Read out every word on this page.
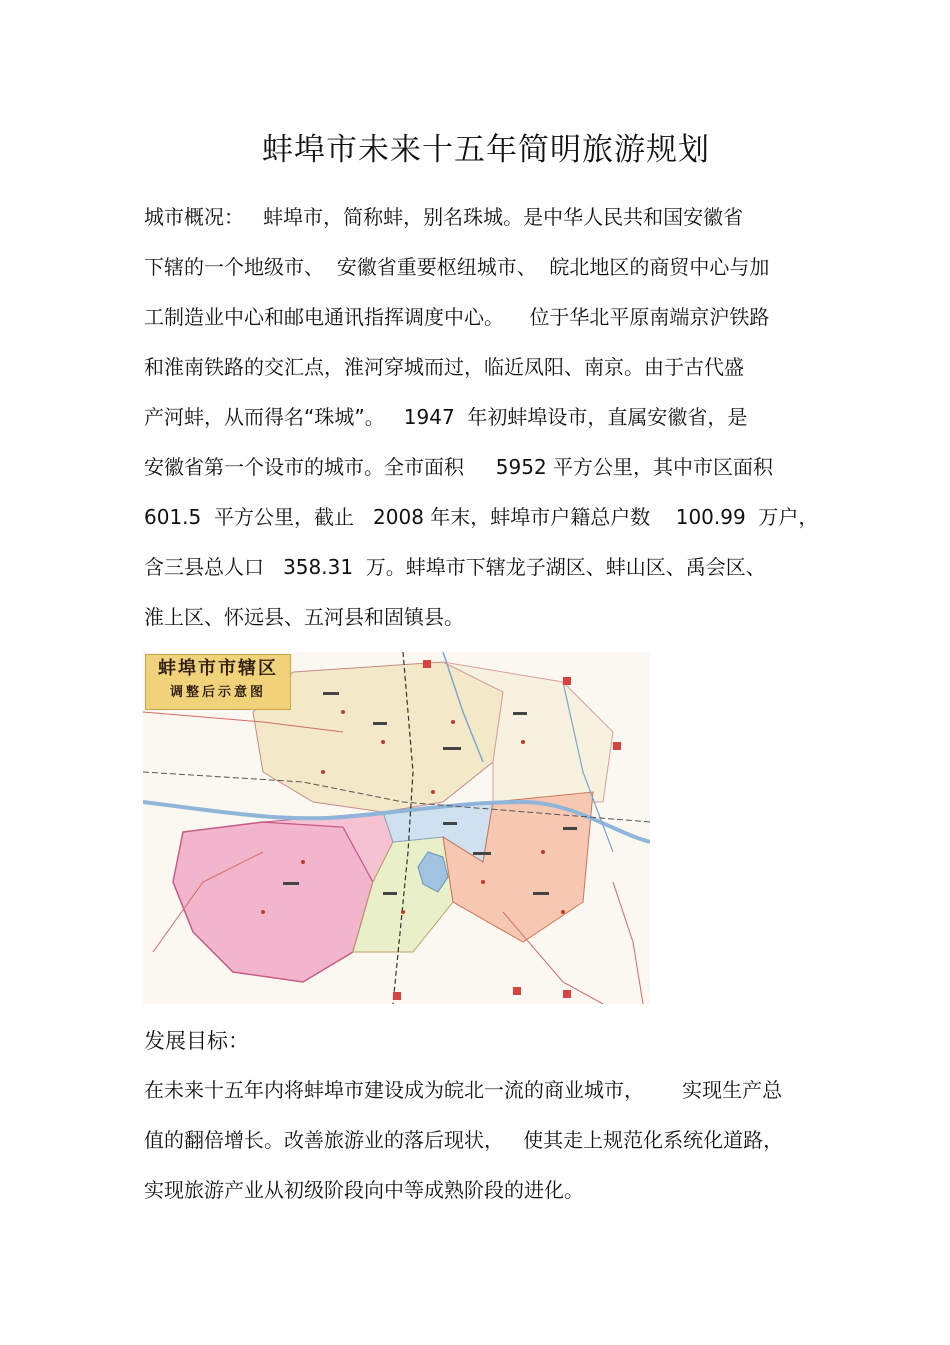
蚌埠市未来十五年简明旅游规划

城市概况：   蚌埠市，简称蚌，别名珠城。是中华人民共和国安徽省

下辖的一个地级市、  安徽省重要枢纽城市、  皖北地区的商贸中心与加

工制造业中心和邮电通讯指挥调度中心。    位于华北平原南端京沪铁路

和淮南铁路的交汇点，淮河穿城而过，临近凤阳、南京。由于古代盛

产河蚌，从而得名“珠城”。   1947  年初蚌埠设市，直属安徽省，是

安徽省第一个设市的城市。全市面积     5952 平方公里，其中市区面积

601.5  平方公里，截止   2008 年末，蚌埠市户籍总户数    100.99  万户，

含三县总人口   358.31  万。蚌埠市下辖龙子湖区、蚌山区、禹会区、

淮上区、怀远县、五河县和固镇县。

蚌埠市市辖区
调整后示意图
发展目标：

在未来十五年内将蚌埠市建设成为皖北一流的商业城市，      实现生产总

值的翻倍增长。改善旅游业的落后现状，   使其走上规范化系统化道路，

实现旅游产业从初级阶段向中等成熟阶段的进化。
